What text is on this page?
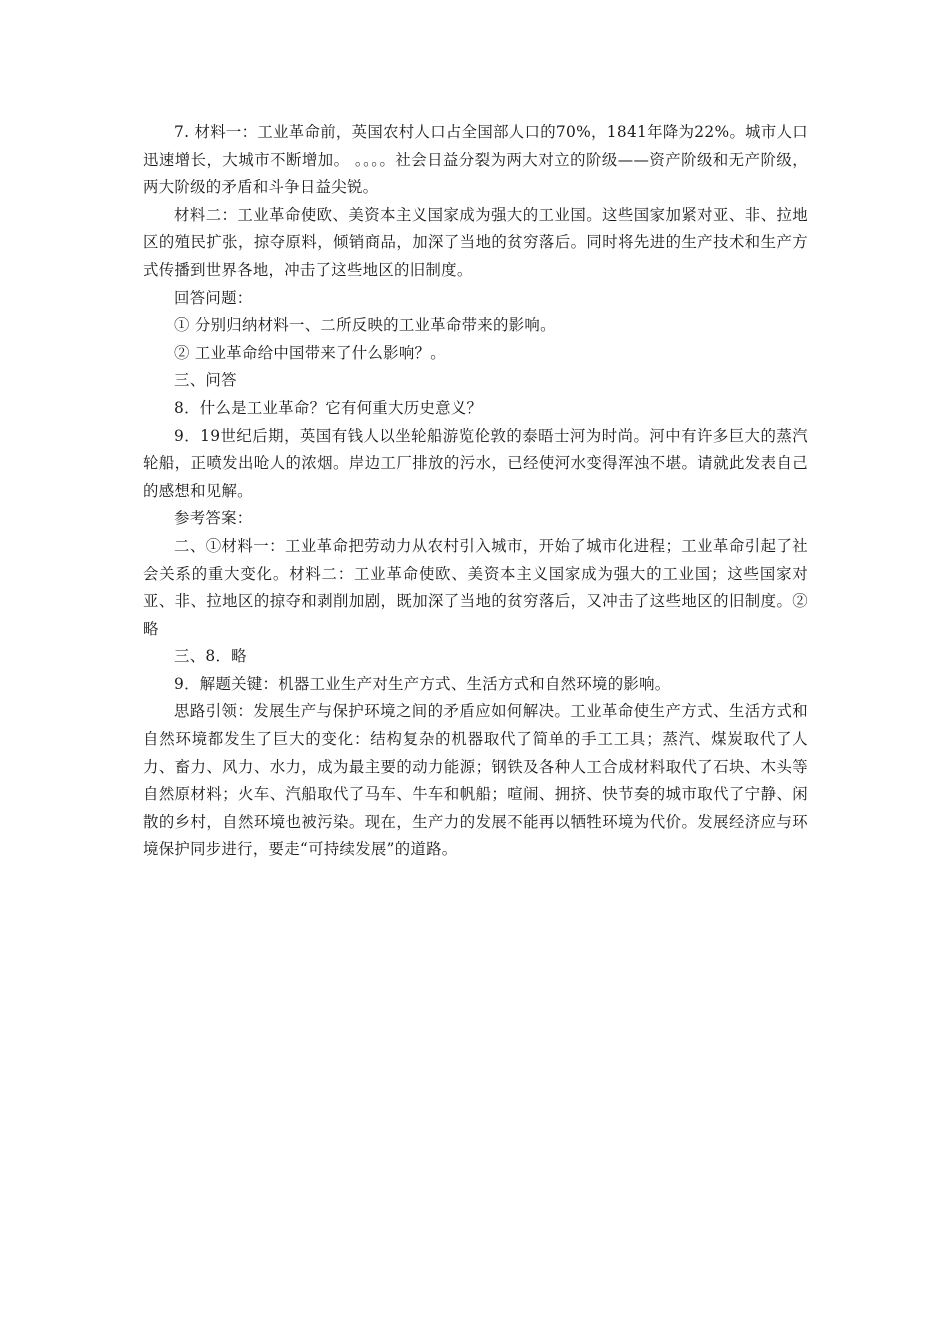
7. 材料一：工业革命前，英国农村人口占全国部人口的70%，1841年降为22%。城市人口迅速增长，大城市不断增加。 。。。。社会日益分裂为两大对立的阶级——资产阶级和无产阶级，两大阶级的矛盾和斗争日益尖锐。

材料二：工业革命使欧、美资本主义国家成为强大的工业国。这些国家加紧对亚、非、拉地区的殖民扩张，掠夺原料，倾销商品，加深了当地的贫穷落后。同时将先进的生产技术和生产方式传播到世界各地，冲击了这些地区的旧制度。

回答问题：

① 分别归纳材料一、二所反映的工业革命带来的影响。

② 工业革命给中国带来了什么影响？。

三、问答

8．什么是工业革命？它有何重大历史意义？

9．19世纪后期，英国有钱人以坐轮船游览伦敦的泰晤士河为时尚。河中有许多巨大的蒸汽轮船，正喷发出呛人的浓烟。岸边工厂排放的污水，已经使河水变得浑浊不堪。请就此发表自己的感想和见解。

参考答案：

二、①材料一：工业革命把劳动力从农村引入城市，开始了城市化进程；工业革命引起了社会关系的重大变化。材料二：工业革命使欧、美资本主义国家成为强大的工业国；这些国家对亚、非、拉地区的掠夺和剥削加剧，既加深了当地的贫穷落后，又冲击了这些地区的旧制度。②略

三、8．略

9．解题关键：机器工业生产对生产方式、生活方式和自然环境的影响。

思路引领：发展生产与保护环境之间的矛盾应如何解决。工业革命使生产方式、生活方式和自然环境都发生了巨大的变化：结构复杂的机器取代了简单的手工工具；蒸汽、煤炭取代了人力、畜力、风力、水力，成为最主要的动力能源；钢铁及各种人工合成材料取代了石块、木头等自然原材料；火车、汽船取代了马车、牛车和帆船；喧闹、拥挤、快节奏的城市取代了宁静、闲散的乡村，自然环境也被污染。现在，生产力的发展不能再以牺牲环境为代价。发展经济应与环境保护同步进行，要走“可持续发展”的道路。
